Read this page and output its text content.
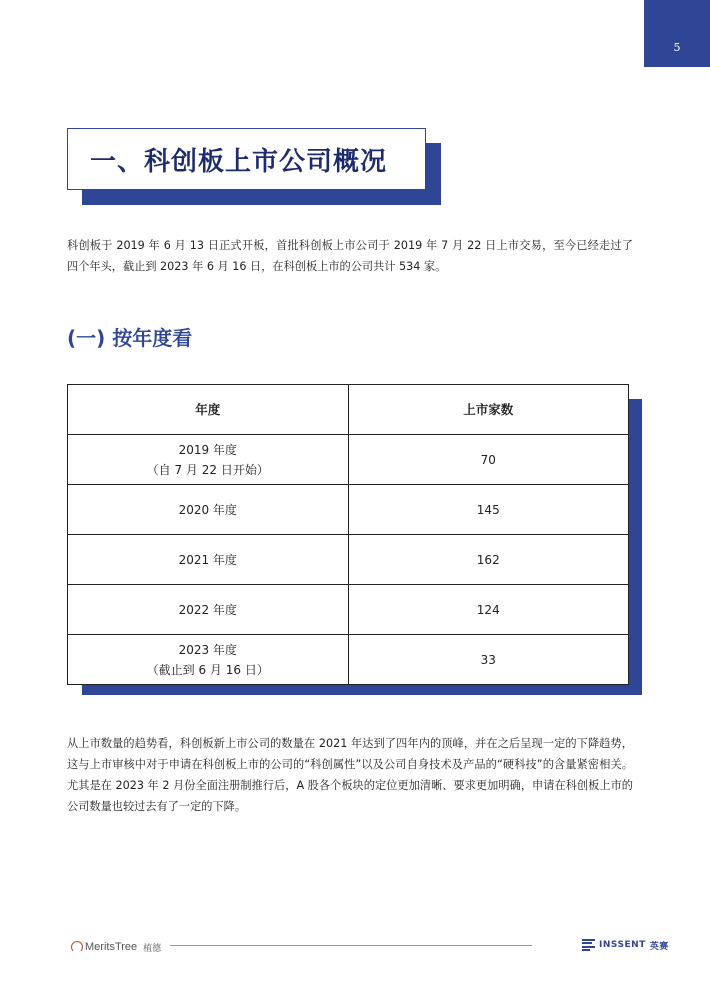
5
一、科创板上市公司概况

科创板于 2019 年 6 月 13 日正式开板，首批科创板上市公司于 2019 年 7 月 22 日上市交易，至今已经走过了四个年头，截止到 2023 年 6 月 16 日，在科创板上市的公司共计 534 家。

(一) 按年度看
年度	上市家数

2019 年度
（自 7 月 22 日开始）	70

2020 年度	145

2021 年度	162

2022 年度	124

2023 年度
（截止到 6 月 16 日）	33

从上市数量的趋势看，科创板新上市公司的数量在 2021 年达到了四年内的顶峰，并在之后呈现一定的下降趋势，这与上市审核中对于申请在科创板上市的公司的“科创属性”以及公司自身技术及产品的“硬科技”的含量紧密相关。尤其是在 2023 年 2 月份全面注册制推行后，A 股各个板块的定位更加清晰、要求更加明确，申请在科创板上市的公司数量也较过去有了一定的下降。

MeritsTree 植德	INSSENT 英赛
